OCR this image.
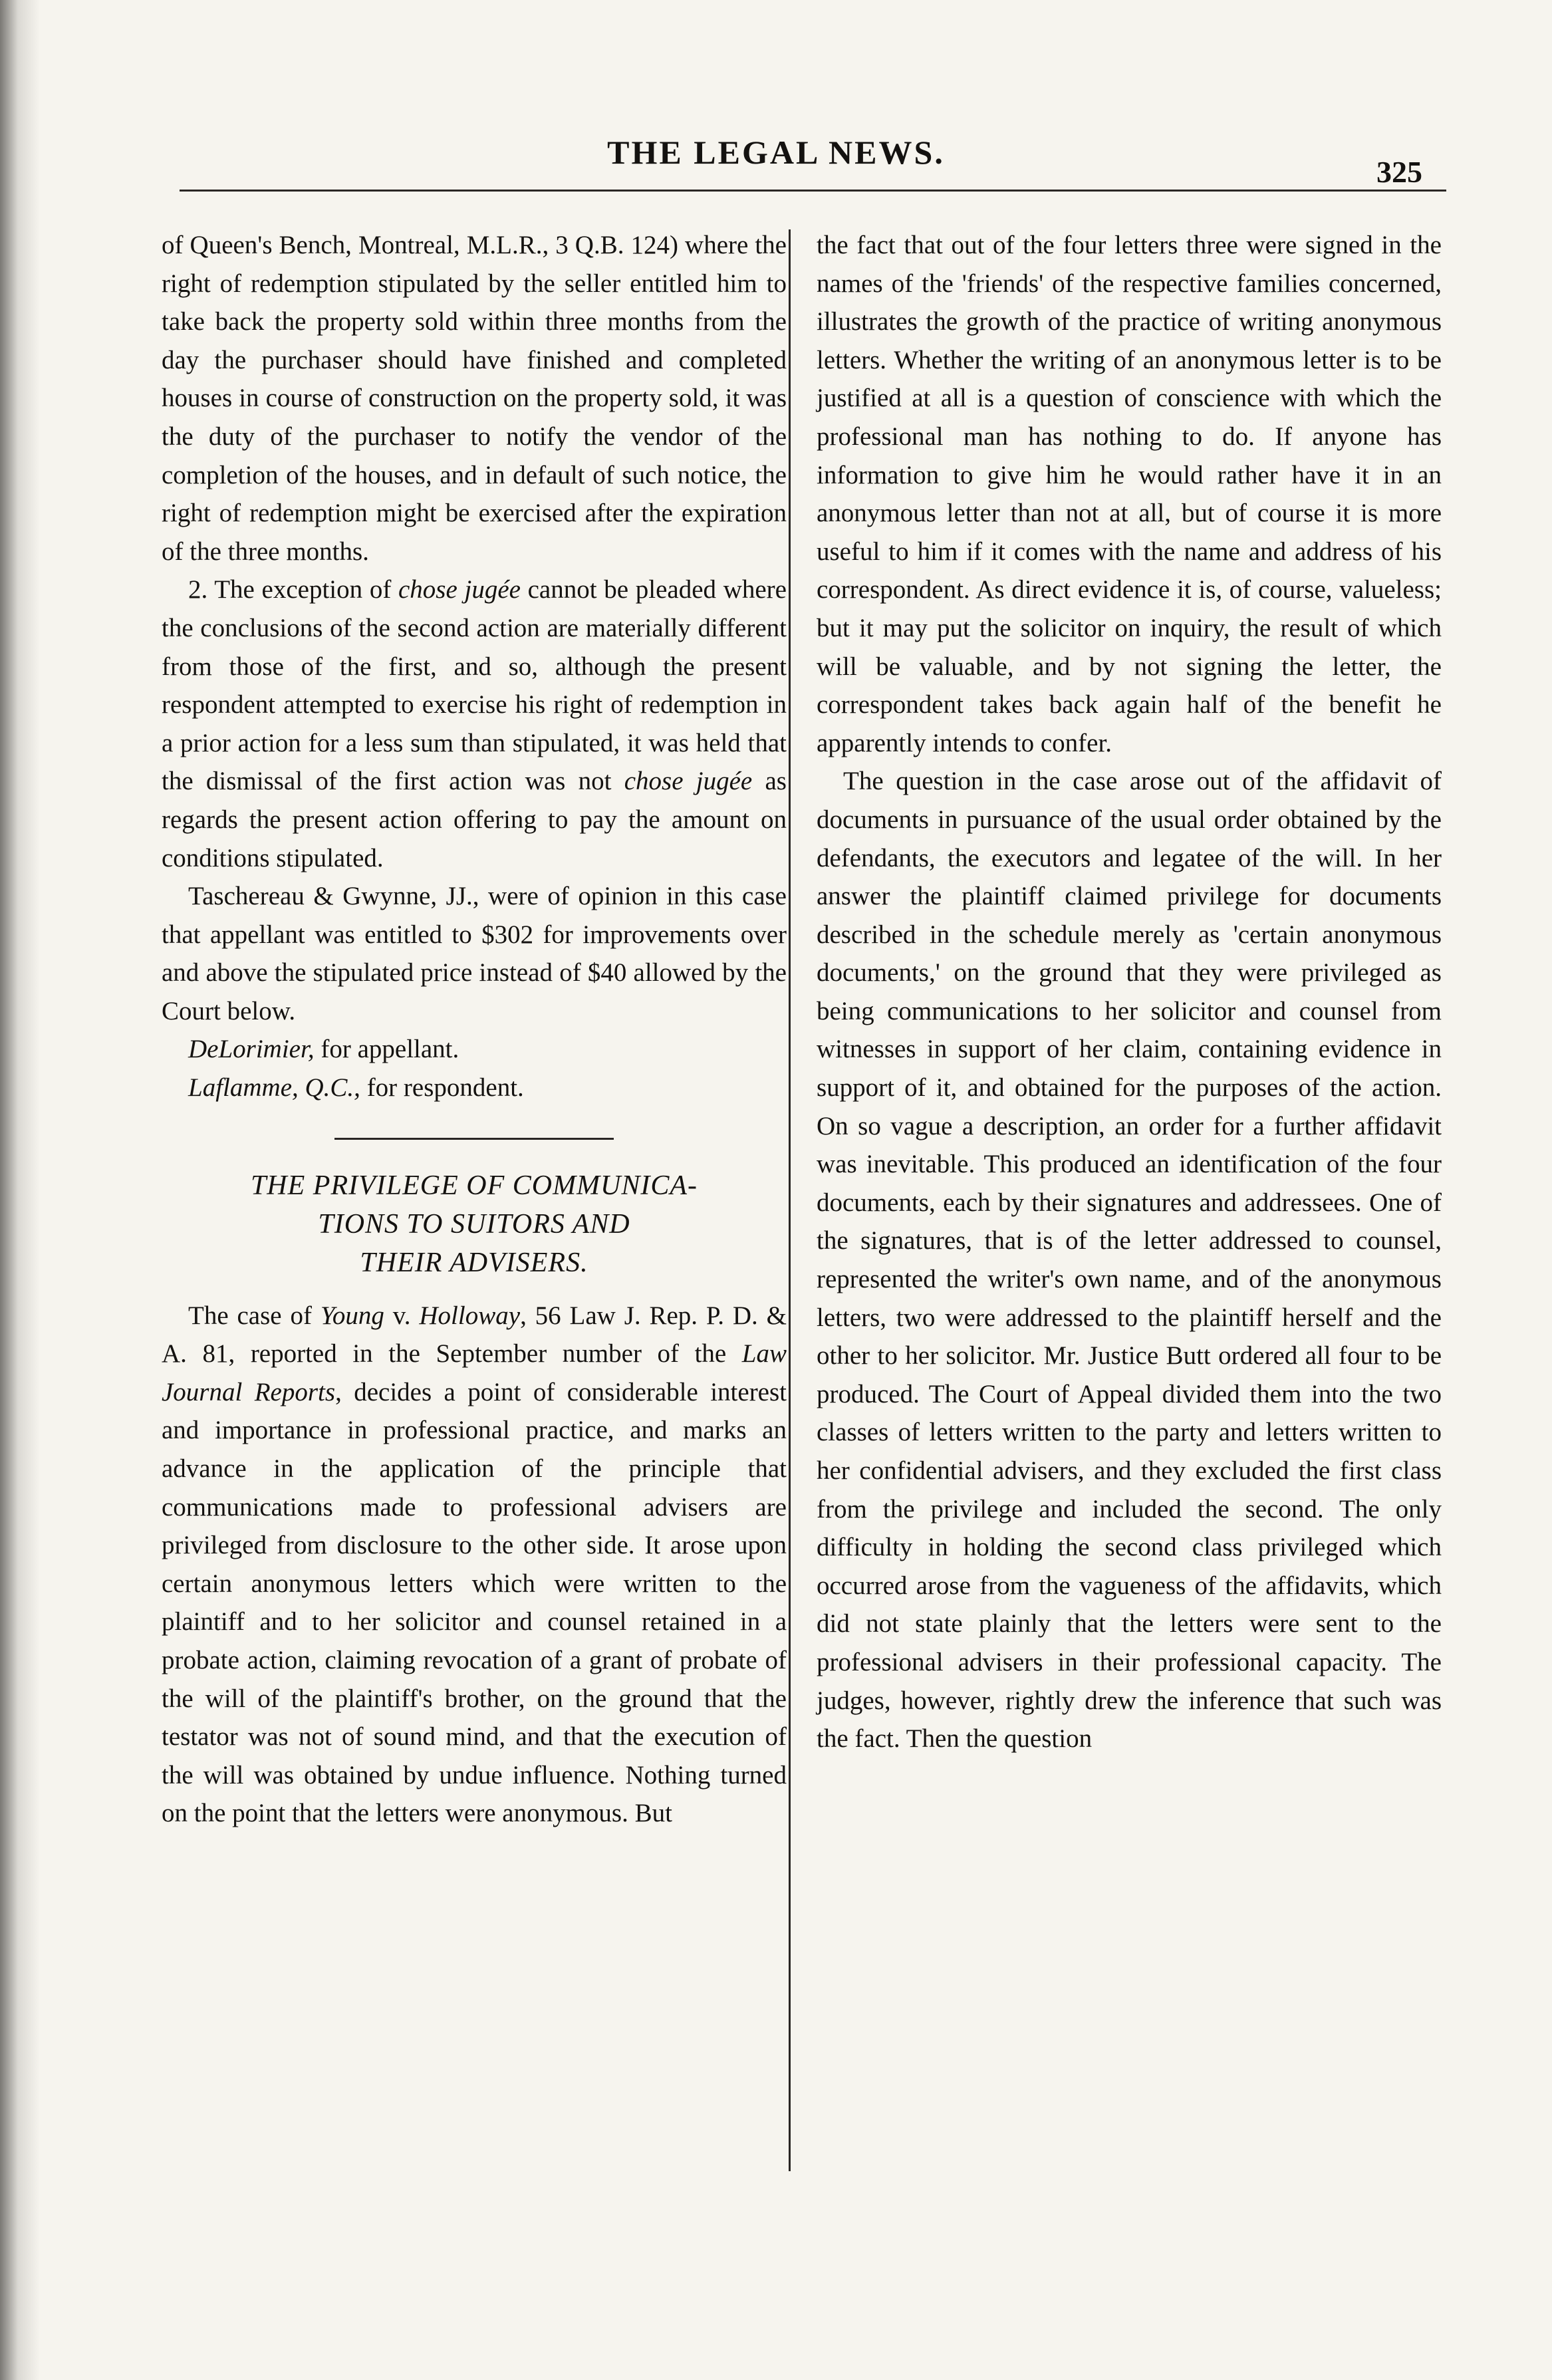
THE LEGAL NEWS.
325

of Queen's Bench, Montreal, M.L.R., 3 Q.B. 124) where the right of redemption stipulated by the seller entitled him to take back the property sold within three months from the day the purchaser should have finished and completed houses in course of construction on the property sold, it was the duty of the purchaser to notify the vendor of the completion of the houses, and in default of such notice, the right of redemption might be exercised after the expiration of the three months.

2. The exception of chose jugée cannot be pleaded where the conclusions of the second action are materially different from those of the first, and so, although the present respondent attempted to exercise his right of redemption in a prior action for a less sum than stipulated, it was held that the dismissal of the first action was not chose jugée as regards the present action offering to pay the amount on conditions stipulated.

Taschereau & Gwynne, JJ., were of opinion in this case that appellant was entitled to $302 for improvements over and above the stipulated price instead of $40 allowed by the Court below.

DeLorimier, for appellant.

Laflamme, Q.C., for respondent.

THE PRIVILEGE OF COMMUNICA-
TIONS TO SUITORS AND
THEIR ADVISERS.

The case of Young v. Holloway, 56 Law J. Rep. P. D. & A. 81, reported in the September number of the Law Journal Reports, decides a point of considerable interest and importance in professional practice, and marks an advance in the application of the principle that communications made to professional advisers are privileged from disclosure to the other side. It arose upon certain anonymous letters which were written to the plaintiff and to her solicitor and counsel retained in a probate action, claiming revocation of a grant of probate of the will of the plaintiff's brother, on the ground that the testator was not of sound mind, and that the execution of the will was obtained by undue influence. Nothing turned on the point that the letters were anonymous. But

the fact that out of the four letters three were signed in the names of the 'friends' of the respective families concerned, illustrates the growth of the practice of writing anonymous letters. Whether the writing of an anonymous letter is to be justified at all is a question of conscience with which the professional man has nothing to do. If anyone has information to give him he would rather have it in an anonymous letter than not at all, but of course it is more useful to him if it comes with the name and address of his correspondent. As direct evidence it is, of course, valueless; but it may put the solicitor on inquiry, the result of which will be valuable, and by not signing the letter, the correspondent takes back again half of the benefit he apparently intends to confer.

The question in the case arose out of the affidavit of documents in pursuance of the usual order obtained by the defendants, the executors and legatee of the will. In her answer the plaintiff claimed privilege for documents described in the schedule merely as 'certain anonymous documents,' on the ground that they were privileged as being communications to her solicitor and counsel from witnesses in support of her claim, containing evidence in support of it, and obtained for the purposes of the action. On so vague a description, an order for a further affidavit was inevitable. This produced an identification of the four documents, each by their signatures and addressees. One of the signatures, that is of the letter addressed to counsel, represented the writer's own name, and of the anonymous letters, two were addressed to the plaintiff herself and the other to her solicitor. Mr. Justice Butt ordered all four to be produced. The Court of Appeal divided them into the two classes of letters written to the party and letters written to her confidential advisers, and they excluded the first class from the privilege and included the second. The only difficulty in holding the second class privileged which occurred arose from the vagueness of the affidavits, which did not state plainly that the letters were sent to the professional advisers in their professional capacity. The judges, however, rightly drew the inference that such was the fact. Then the question
